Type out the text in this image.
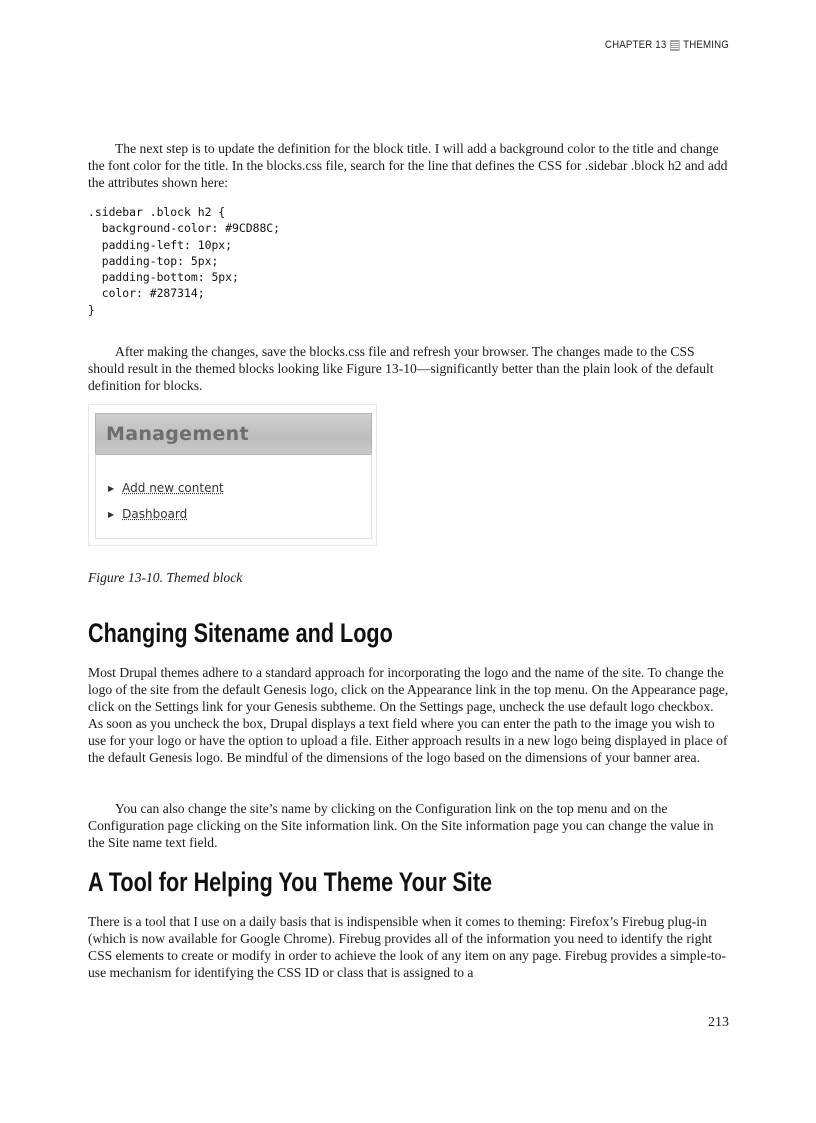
CHAPTER 13 THEMING

The next step is to update the definition for the block title. I will add a background color to the title and change the font color for the title. In the blocks.css file, search for the line that defines the CSS for .sidebar .block h2 and add the attributes shown here:

.sidebar .block h2 {
background-color: #9CD88C;
padding-left: 10px;
padding-top: 5px;
padding-bottom: 5px;
color: #287314;
}

After making the changes, save the blocks.css file and refresh your browser. The changes made to the CSS should result in the themed blocks looking like Figure 13-10—significantly better than the plain look of the default definition for blocks.

Management
▶ Add new content
▶ Dashboard
Figure 13-10. Themed block
Changing Sitename and Logo

Most Drupal themes adhere to a standard approach for incorporating the logo and the name of the site. To change the logo of the site from the default Genesis logo, click on the Appearance link in the top menu. On the Appearance page, click on the Settings link for your Genesis subtheme. On the Settings page, uncheck the use default logo checkbox. As soon as you uncheck the box, Drupal displays a text field where you can enter the path to the image you wish to use for your logo or have the option to upload a file. Either approach results in a new logo being displayed in place of the default Genesis logo. Be mindful of the dimensions of the logo based on the dimensions of your banner area.

You can also change the site’s name by clicking on the Configuration link on the top menu and on the Configuration page clicking on the Site information link. On the Site information page you can change the value in the Site name text field.

A Tool for Helping You Theme Your Site

There is a tool that I use on a daily basis that is indispensible when it comes to theming: Firefox’s Firebug plug-in (which is now available for Google Chrome). Firebug provides all of the information you need to identify the right CSS elements to create or modify in order to achieve the look of any item on any page. Firebug provides a simple-to-use mechanism for identifying the CSS ID or class that is assigned to a

213
